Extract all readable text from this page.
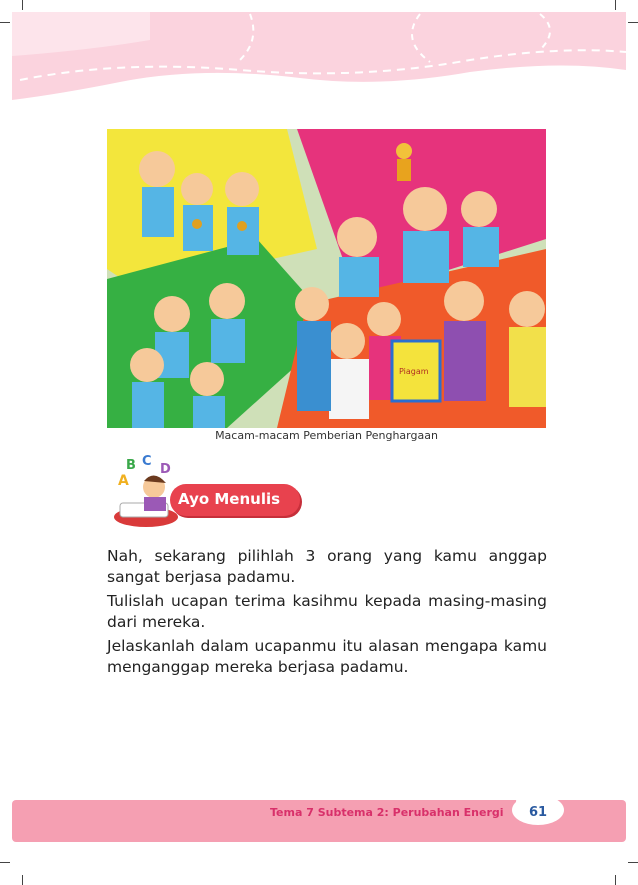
Piagam
Macam-macam Pemberian Penghargaan
A
B C
D
Ayo Menulis
Nah, sekarang pilihlah 3 orang yang kamu anggap sangat berjasa padamu.
Tulislah ucapan terima kasihmu kepada masing-masing dari mereka.
Jelaskanlah dalam ucapanmu itu alasan mengapa kamu menganggap mereka berjasa padamu.
Tema 7 Subtema 2: Perubahan Energi	61
